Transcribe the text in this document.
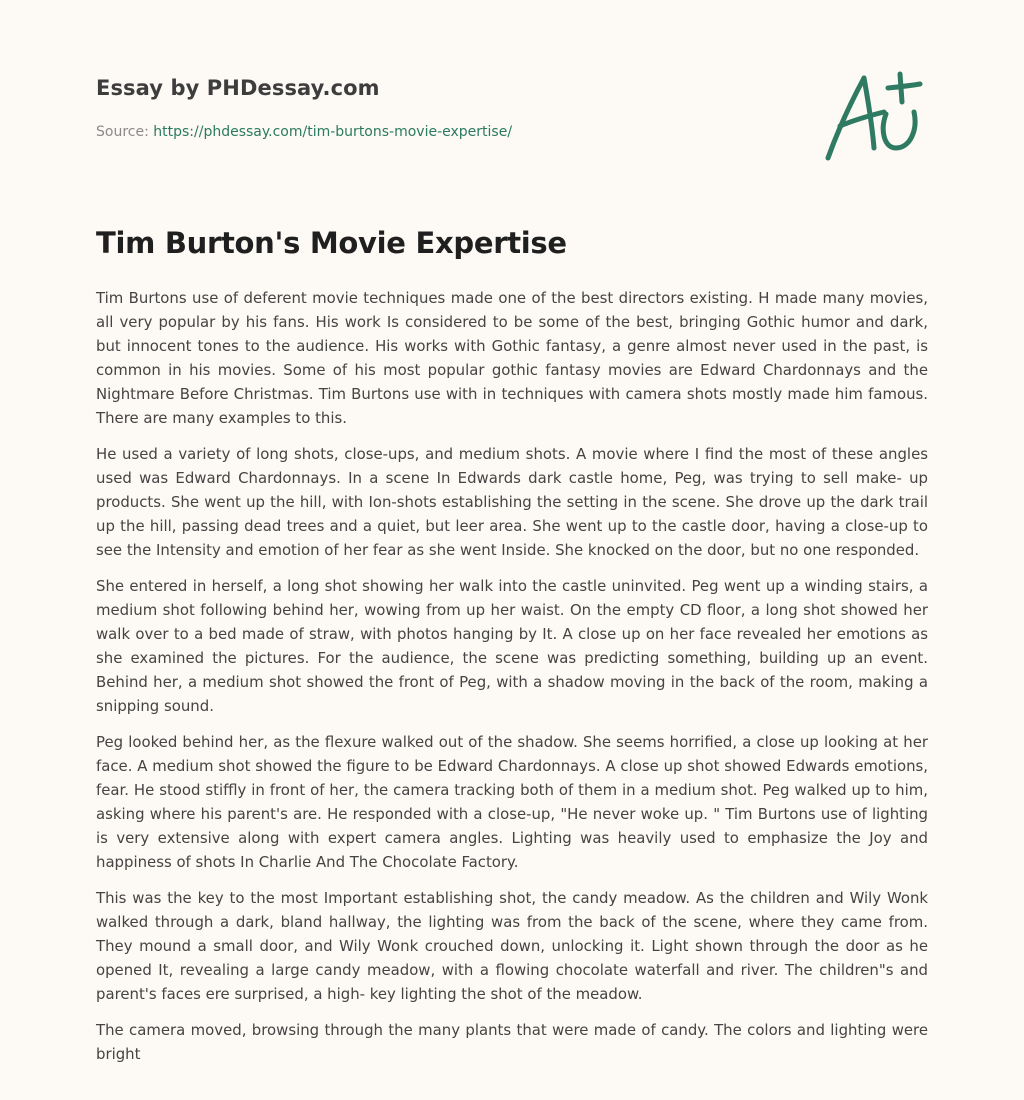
Essay by PHDessay.com

Source: https://phdessay.com/tim-burtons-movie-expertise/

Tim Burton's Movie Expertise

Tim Burtons use of deferent movie techniques made one of the best directors existing. H made many movies, all very popular by his fans. His work Is considered to be some of the best, bringing Gothic humor and dark, but innocent tones to the audience. His works with Gothic fantasy, a genre almost never used in the past, is common in his movies. Some of his most popular gothic fantasy movies are Edward Chardonnays and the Nightmare Before Christmas. Tim Burtons use with in techniques with camera shots mostly made him famous. There are many examples to this.

He used a variety of long shots, close-ups, and medium shots. A movie where I find the most of these angles used was Edward Chardonnays. In a scene In Edwards dark castle home, Peg, was trying to sell make- up products. She went up the hill, with Ion-shots establishing the setting in the scene. She drove up the dark trail up the hill, passing dead trees and a quiet, but leer area. She went up to the castle door, having a close-up to see the Intensity and emotion of her fear as she went Inside. She knocked on the door, but no one responded.

She entered in herself, a long shot showing her walk into the castle uninvited. Peg went up a winding stairs, a medium shot following behind her, wowing from up her waist. On the empty CD floor, a long shot showed her walk over to a bed made of straw, with photos hanging by It. A close up on her face revealed her emotions as she examined the pictures. For the audience, the scene was predicting something, building up an event. Behind her, a medium shot showed the front of Peg, with a shadow moving in the back of the room, making a snipping sound.

Peg looked behind her, as the flexure walked out of the shadow. She seems horrified, a close up looking at her face. A medium shot showed the figure to be Edward Chardonnays. A close up shot showed Edwards emotions, fear. He stood stiffly in front of her, the camera tracking both of them in a medium shot. Peg walked up to him, asking where his parent's are. He responded with a close-up, "He never woke up. " Tim Burtons use of lighting is very extensive along with expert camera angles. Lighting was heavily used to emphasize the Joy and happiness of shots In Charlie And The Chocolate Factory.

This was the key to the most Important establishing shot, the candy meadow. As the children and Wily Wonk walked through a dark, bland hallway, the lighting was from the back of the scene, where they came from. They mound a small door, and Wily Wonk crouched down, unlocking it. Light shown through the door as he opened It, revealing a large candy meadow, with a flowing chocolate waterfall and river. The children"s and parent's faces ere surprised, a high- key lighting the shot of the meadow.

The camera moved, browsing through the many plants that were made of candy. The colors and lighting were bright
